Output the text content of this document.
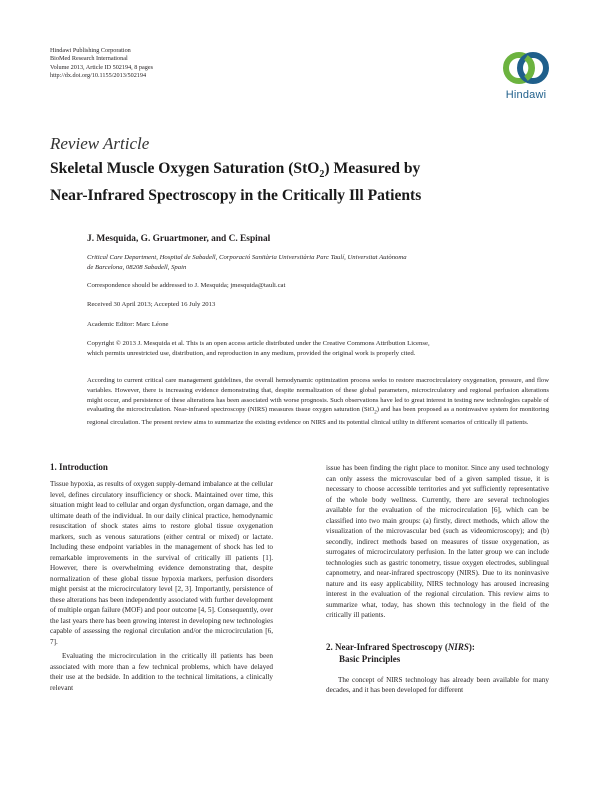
Hindawi Publishing Corporation
BioMed Research International
Volume 2013, Article ID 502194, 8 pages
http://dx.doi.org/10.1155/2013/502194
Hindawi
Review Article
Skeletal Muscle Oxygen Saturation (StO$_2$) Measured by
Near-Infrared Spectroscopy in the Critically Ill Patients
J. Mesquida, G. Gruartmoner, and C. Espinal
Critical Care Department, Hospital de Sabadell, Corporació Sanitària Universitària Parc Taulí, Universitat Autònoma
de Barcelona, 08208 Sabadell, Spain
Correspondence should be addressed to J. Mesquida; jmesquida@tauli.cat
Received 30 April 2013; Accepted 16 July 2013
Academic Editor: Marc Léone
Copyright © 2013 J. Mesquida et al. This is an open access article distributed under the Creative Commons Attribution License,
which permits unrestricted use, distribution, and reproduction in any medium, provided the original work is properly cited.
According to current critical care management guidelines, the overall hemodynamic optimization process seeks to restore macrocirculatory oxygenation, pressure, and flow variables. However, there is increasing evidence demonstrating that, despite normalization of these global parameters, microcirculatory and regional perfusion alterations might occur, and persistence of these alterations has been associated with worse prognosis. Such observations have led to great interest in testing new technologies capable of evaluating the microcirculation. Near-infrared spectroscopy (NIRS) measures tissue oxygen saturation (StO$_2$) and has been proposed as a noninvasive system for monitoring regional circulation. The present review aims to summarize the existing evidence on NIRS and its potential clinical utility in different scenarios of critically ill patients.
1. Introduction

Tissue hypoxia, as results of oxygen supply-demand imbalance at the cellular level, defines circulatory insufficiency or shock. Maintained over time, this situation might lead to cellular and organ dysfunction, organ damage, and the ultimate death of the individual. In our daily clinical practice, hemodynamic resuscitation of shock states aims to restore global tissue oxygenation markers, such as venous saturations (either central or mixed) or lactate. Including these endpoint variables in the management of shock has led to remarkable improvements in the survival of critically ill patients [1]. However, there is overwhelming evidence demonstrating that, despite normalization of these global tissue hypoxia markers, perfusion disorders might persist at the microcirculatory level [2, 3]. Importantly, persistence of these alterations has been independently associated with further development of multiple organ failure (MOF) and poor outcome [4, 5]. Consequently, over the last years there has been growing interest in developing new technologies capable of assessing the regional circulation and/or the microcirculation [6, 7].

Evaluating the microcirculation in the critically ill patients has been associated with more than a few technical problems, which have delayed their use at the bedside. In addition to the technical limitations, a clinically relevant

issue has been finding the right place to monitor. Since any used technology can only assess the microvascular bed of a given sampled tissue, it is necessary to choose accessible territories and yet sufficiently representative of the whole body wellness. Currently, there are several technologies available for the evaluation of the microcirculation [6], which can be classified into two main groups: (a) firstly, direct methods, which allow the visualization of the microvascular bed (such as videomicroscopy); and (b) secondly, indirect methods based on measures of tissue oxygenation, as surrogates of microcirculatory perfusion. In the latter group we can include technologies such as gastric tonometry, tissue oxygen electrodes, sublingual capnometry, and near-infrared spectroscopy (NIRS). Due to its noninvasive nature and its easy applicability, NIRS technology has aroused increasing interest in the evaluation of the regional circulation. This review aims to summarize what, today, has shown this technology in the field of the critically ill patients.

2. Near-Infrared Spectroscopy (NIRS):
Basic Principles

The concept of NIRS technology has already been available for many decades, and it has been developed for different
